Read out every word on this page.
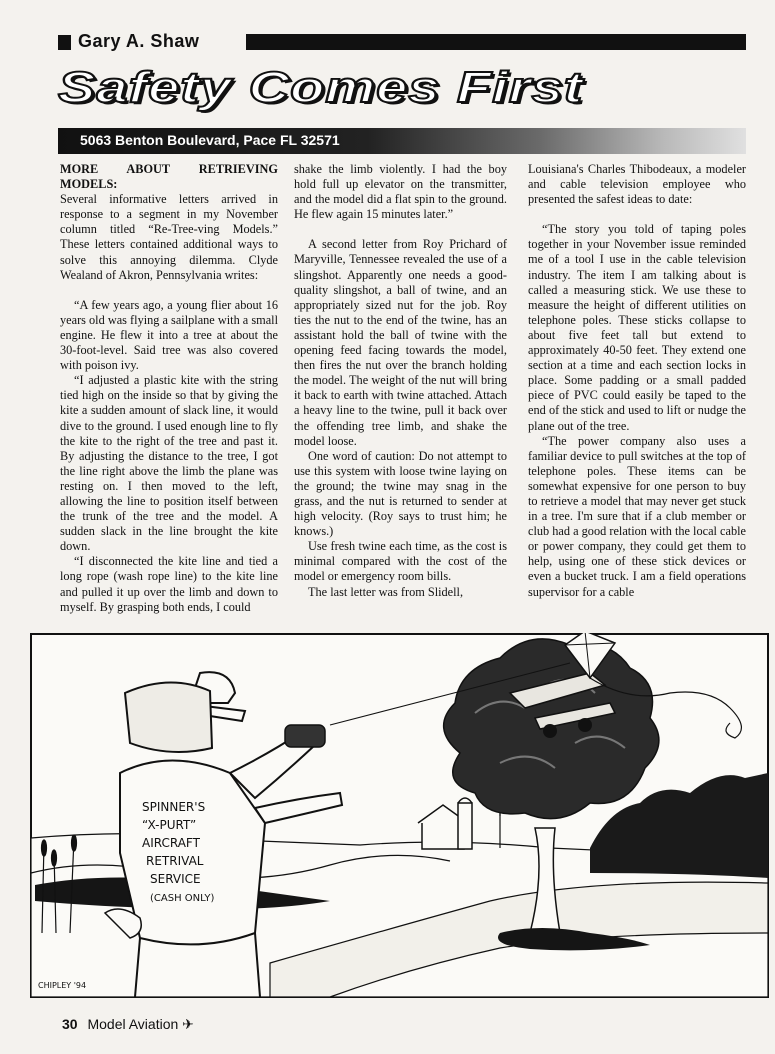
Gary A. Shaw
Safety Comes First
5063 Benton Boulevard, Pace FL 32571

MORE ABOUT RETRIEVING MODELS:

Several informative letters arrived in response to a segment in my November column titled “Re-Tree-ving Models.” These letters contained additional ways to solve this annoying dilemma. Clyde Wealand of Akron, Pennsylvania writes:

“A few years ago, a young flier about 16 years old was flying a sailplane with a small engine. He flew it into a tree at about the 30-foot-level. Said tree was also covered with poison ivy.

“I adjusted a plastic kite with the string tied high on the inside so that by giving the kite a sudden amount of slack line, it would dive to the ground. I used enough line to fly the kite to the right of the tree and past it. By adjusting the distance to the tree, I got the line right above the limb the plane was resting on. I then moved to the left, allowing the line to position itself between the trunk of the tree and the model. A sudden slack in the line brought the kite down.

“I disconnected the kite line and tied a long rope (wash rope line) to the kite line and pulled it up over the limb and down to myself. By grasping both ends, I could

shake the limb violently. I had the boy hold full up elevator on the transmitter, and the model did a flat spin to the ground. He flew again 15 minutes later.”

A second letter from Roy Prichard of Maryville, Tennessee revealed the use of a slingshot. Apparently one needs a good-quality slingshot, a ball of twine, and an appropriately sized nut for the job. Roy ties the nut to the end of the twine, has an assistant hold the ball of twine with the opening feed facing towards the model, then fires the nut over the branch holding the model. The weight of the nut will bring it back to earth with twine attached. Attach a heavy line to the twine, pull it back over the offending tree limb, and shake the model loose.

One word of caution: Do not attempt to use this system with loose twine laying on the ground; the twine may snag in the grass, and the nut is returned to sender at high velocity. (Roy says to trust him; he knows.)

Use fresh twine each time, as the cost is minimal compared with the cost of the model or emergency room bills.

The last letter was from Slidell,

Louisiana's Charles Thibodeaux, a modeler and cable television employee who presented the safest ideas to date:

“The story you told of taping poles together in your November issue reminded me of a tool I use in the cable television industry. The item I am talking about is called a measuring stick. We use these to measure the height of different utilities on telephone poles. These sticks collapse to about five feet tall but extend to approximately 40-50 feet. They extend one section at a time and each section locks in place. Some padding or a small padded piece of PVC could easily be taped to the end of the stick and used to lift or nudge the plane out of the tree.

“The power company also uses a familiar device to pull switches at the top of telephone poles. These items can be somewhat expensive for one person to buy to retrieve a model that may never get stuck in a tree. I'm sure that if a club member or club had a good relation with the local cable or power company, they could get them to help, using one of these stick devices or even a bucket truck. I am a field operations supervisor for a cable

SPINNER'S
“X-PURT”
AIRCRAFT
RETRIVAL
SERVICE
(CASH ONLY)
CHIPLEY '94
30 Model Aviation ✈
